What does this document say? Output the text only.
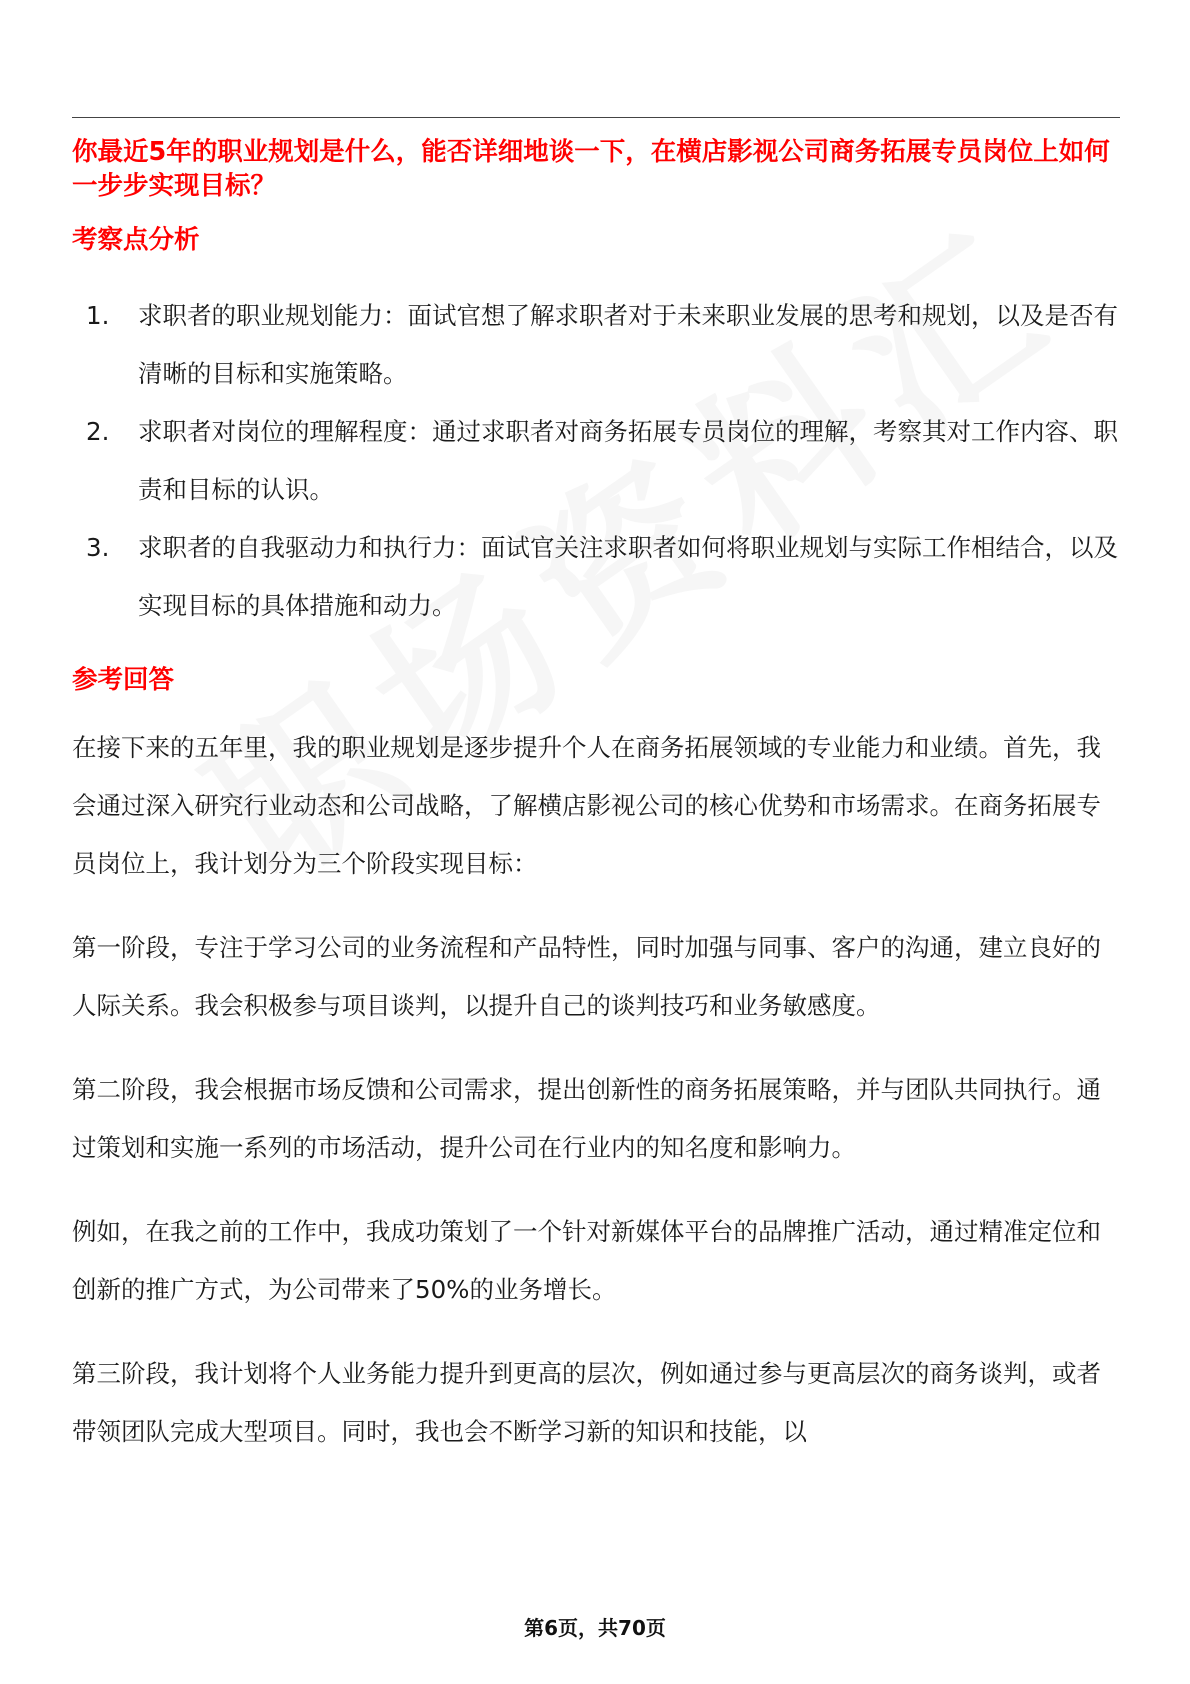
你最近5年的职业规划是什么，能否详细地谈一下，在横店影视公司商务拓展专员岗位上如何一步步实现目标？
考察点分析
1.	求职者的职业规划能力：面试官想了解求职者对于未来职业发展的思考和规划，以及是否有清晰的目标和实施策略。
2.	求职者对岗位的理解程度：通过求职者对商务拓展专员岗位的理解，考察其对工作内容、职责和目标的认识。
3.	求职者的自我驱动力和执行力：面试官关注求职者如何将职业规划与实际工作相结合，以及实现目标的具体措施和动力。
参考回答

在接下来的五年里，我的职业规划是逐步提升个人在商务拓展领域的专业能力和业绩。首先，我会通过深入研究行业动态和公司战略，了解横店影视公司的核心优势和市场需求。在商务拓展专员岗位上，我计划分为三个阶段实现目标：

第一阶段，专注于学习公司的业务流程和产品特性，同时加强与同事、客户的沟通，建立良好的人际关系。我会积极参与项目谈判，以提升自己的谈判技巧和业务敏感度。

第二阶段，我会根据市场反馈和公司需求，提出创新性的商务拓展策略，并与团队共同执行。通过策划和实施一系列的市场活动，提升公司在行业内的知名度和影响力。

例如，在我之前的工作中，我成功策划了一个针对新媒体平台的品牌推广活动，通过精准定位和创新的推广方式，为公司带来了50%的业务增长。

第三阶段，我计划将个人业务能力提升到更高的层次，例如通过参与更高层次的商务谈判，或者带领团队完成大型项目。同时，我也会不断学习新的知识和技能，以

第6页，共70页
